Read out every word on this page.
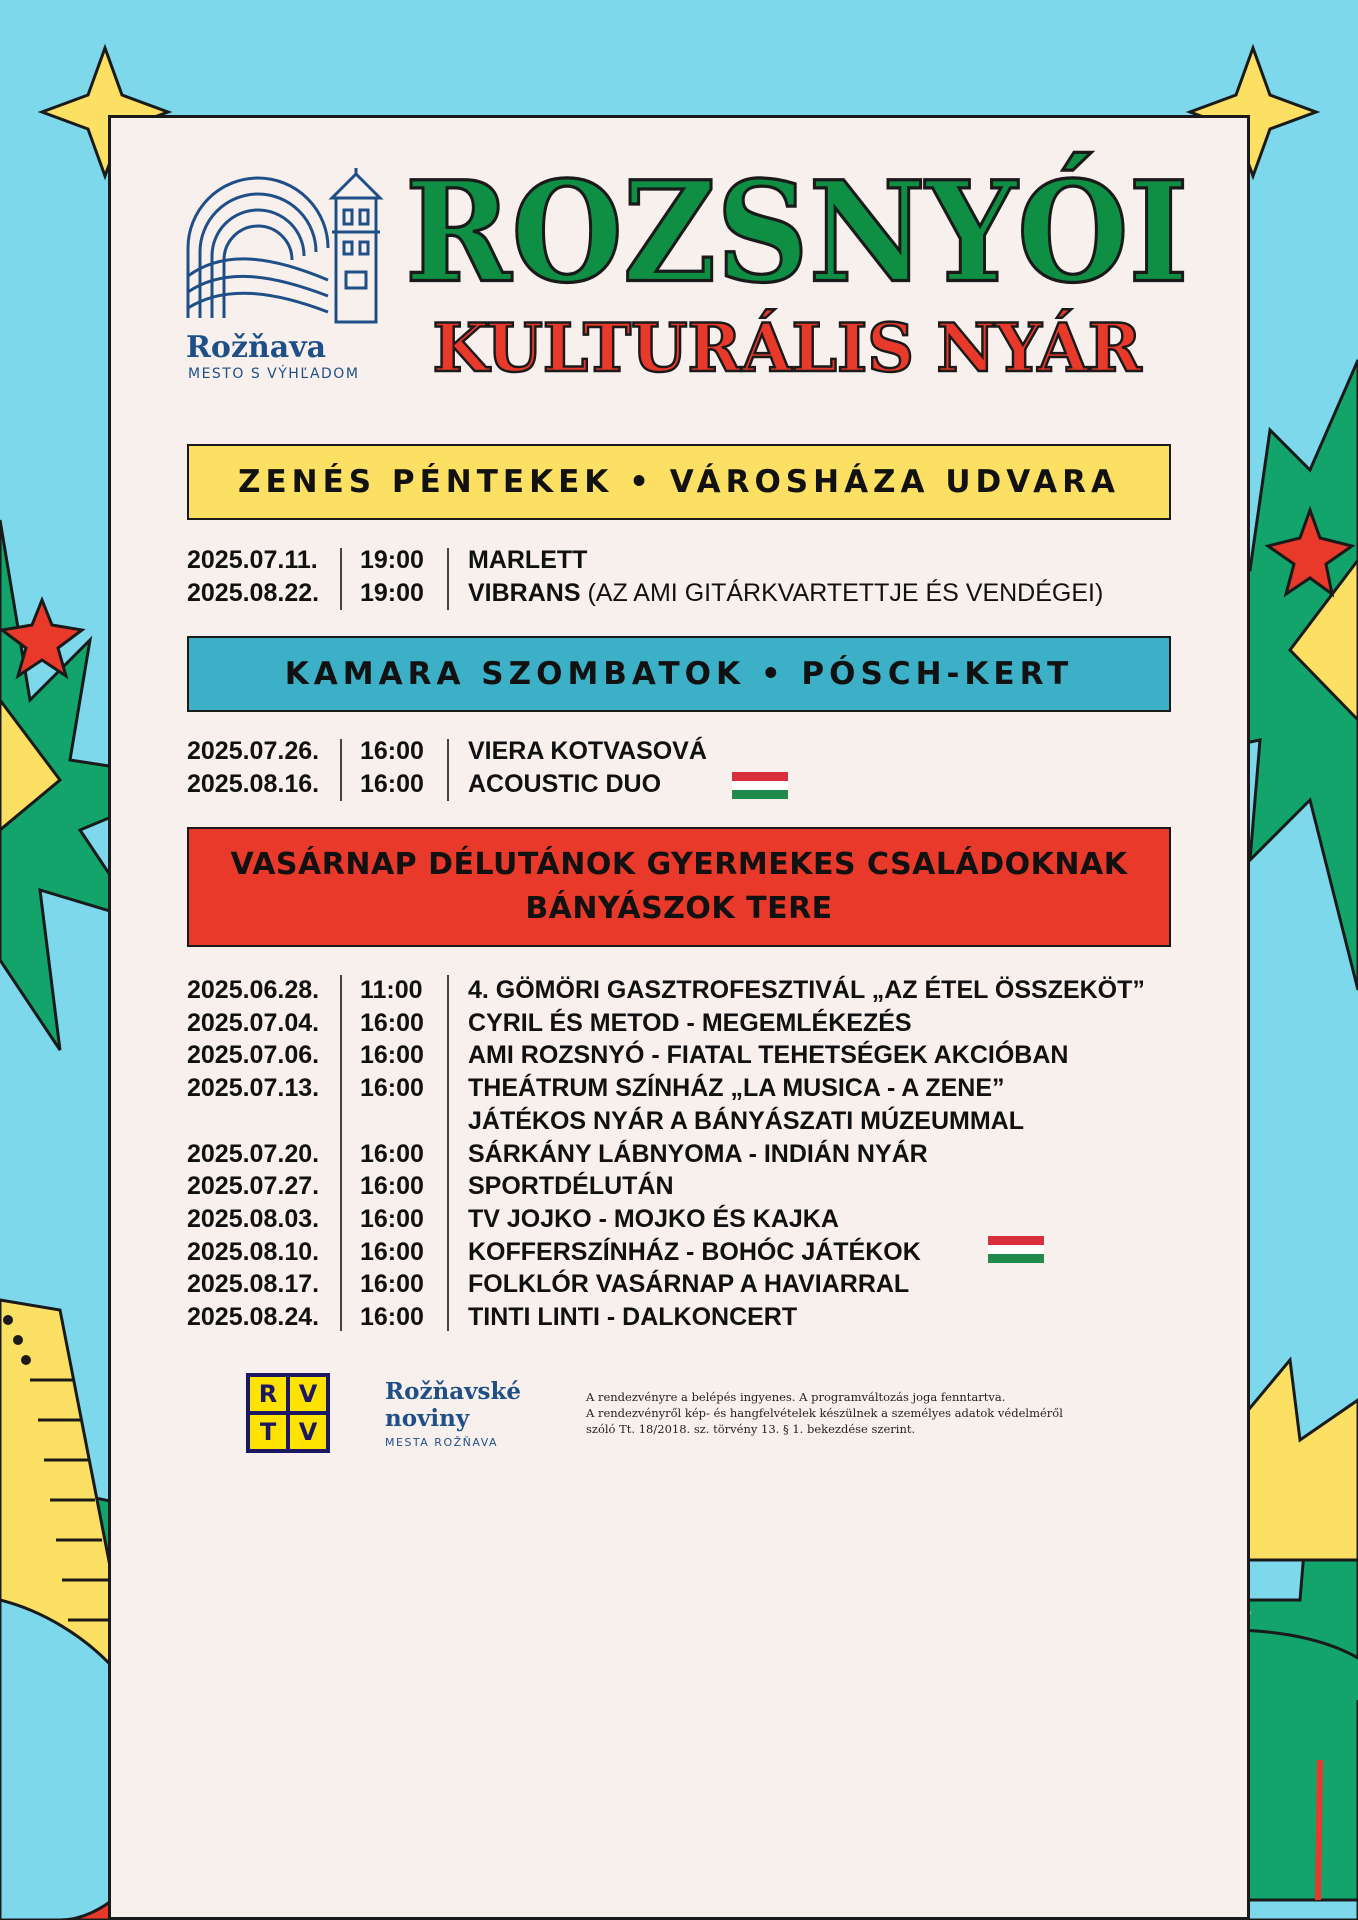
Rožňava
MESTO S VÝHĽADOM
ROZSNYÓI
KULTURÁLIS NYÁR
ZENÉS PÉNTEKEK • VÁROSHÁZA UDVARA
KAMARA SZOMBATOK • PÓSCH-KERT
VASÁRNAP DÉLUTÁNOK GYERMEKES CSALÁDOKNAK
BÁNYÁSZOK TERE
2025.07.11. 19:00 MARLETT
2025.08.22. 19:00 VIBRANS (AZ AMI GITÁRKVARTETTJE ÉS VENDÉGEI)
2025.07.26. 16:00 VIERA KOTVASOVÁ
2025.08.16. 16:00 ACOUSTIC DUO
2025.06.28. 11:00 4. GÖMÖRI GASZTROFESZTIVÁL „AZ ÉTEL ÖSSZEKÖT”
2025.07.04. 16:00 CYRIL ÉS METOD - MEGEMLÉKEZÉS
2025.07.06. 16:00 AMI ROZSNYÓ - FIATAL TEHETSÉGEK AKCIÓBAN
2025.07.13. 16:00 THEÁTRUM SZÍNHÁZ „LA MUSICA - A ZENE”
JÁTÉKOS NYÁR A BÁNYÁSZATI MÚZEUMMAL
2025.07.20. 16:00 SÁRKÁNY LÁBNYOMA - INDIÁN NYÁR
2025.07.27. 16:00 SPORTDÉLUTÁN
2025.08.03. 16:00 TV JOJKO - MOJKO ÉS KAJKA
2025.08.10. 16:00 KOFFERSZÍNHÁZ - BOHÓC JÁTÉKOK
2025.08.17. 16:00 FOLKLÓR VASÁRNAP A HAVIARRAL
2025.08.24. 16:00 TINTI LINTI - DALKONCERT
R V
T V
Rožňavské
noviny
MESTA ROŽŇAVA
A rendezvényre a belépés ingyenes. A programváltozás joga fenntartva.
A rendezvényről kép- és hangfelvételek készülnek a személyes adatok védelméről
szóló Tt. 18/2018. sz. törvény 13. § 1. bekezdése szerint.
